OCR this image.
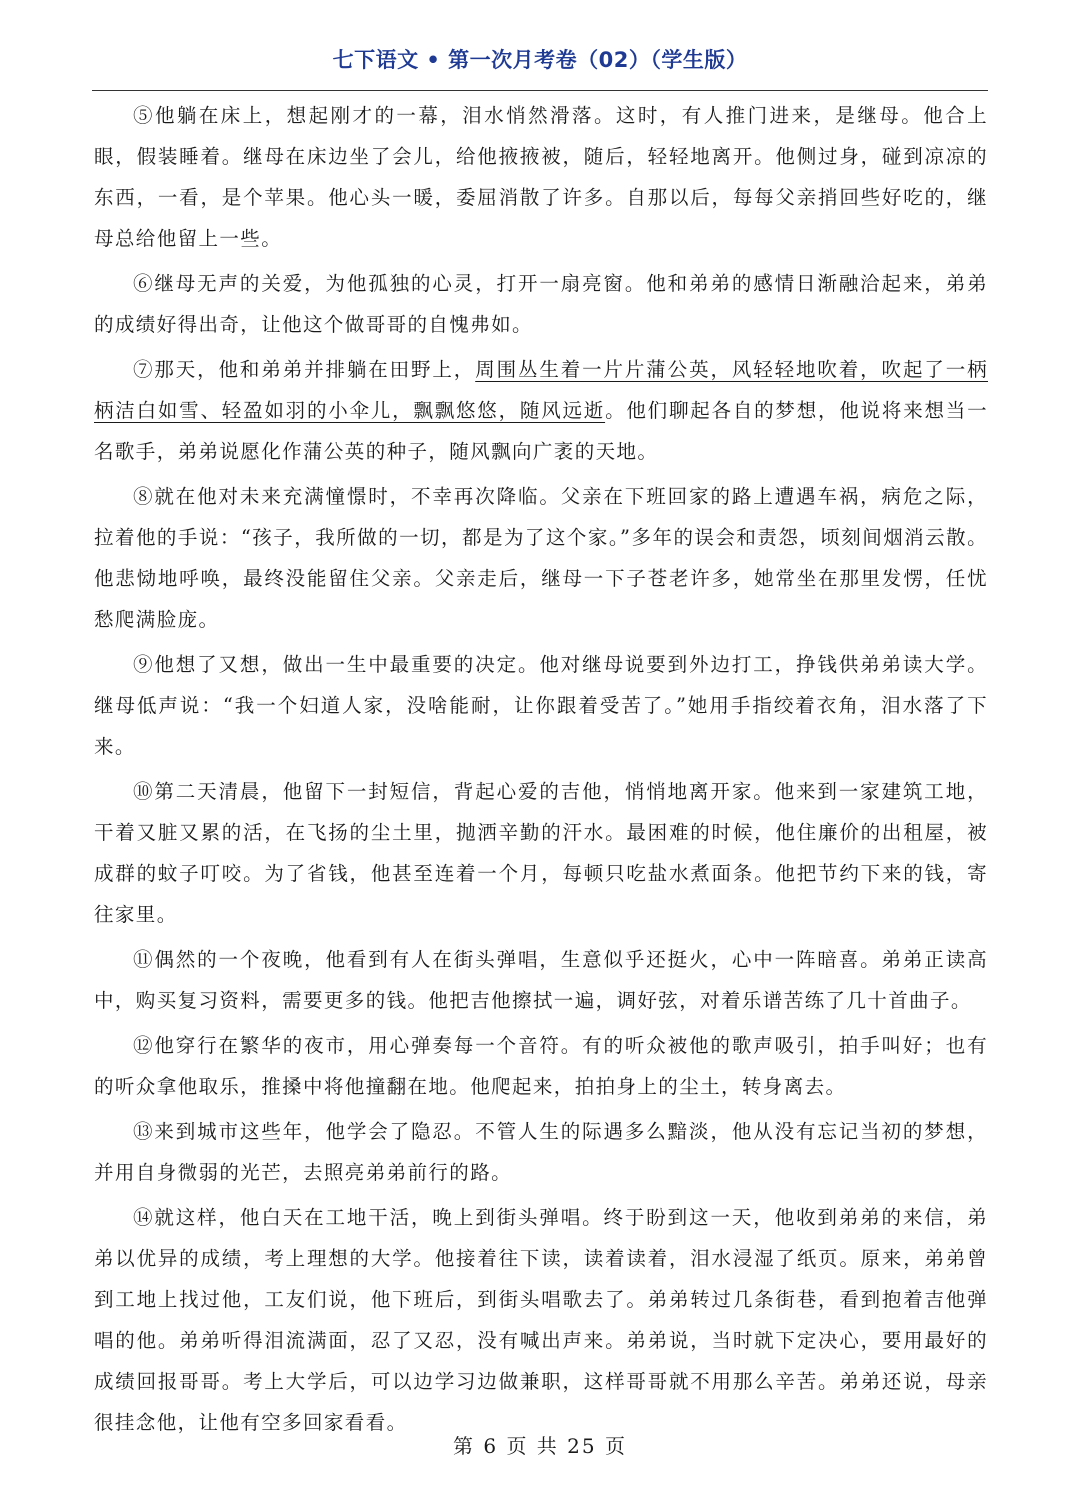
七下语文 • 第一次月考卷（02）（学生版）

⑤他躺在床上，想起刚才的一幕，泪水悄然滑落。这时，有人推门进来，是继母。他合上眼，假装睡着。继母在床边坐了会儿，给他掖掖被，随后，轻轻地离开。他侧过身，碰到凉凉的东西，一看，是个苹果。他心头一暖，委屈消散了许多。自那以后，每每父亲捎回些好吃的，继母总给他留上一些。

⑥继母无声的关爱，为他孤独的心灵，打开一扇亮窗。他和弟弟的感情日渐融洽起来，弟弟的成绩好得出奇，让他这个做哥哥的自愧弗如。

⑦那天，他和弟弟并排躺在田野上，周围丛生着一片片蒲公英，风轻轻地吹着，吹起了一柄柄洁白如雪、轻盈如羽的小伞儿，飘飘悠悠，随风远逝。他们聊起各自的梦想，他说将来想当一名歌手，弟弟说愿化作蒲公英的种子，随风飘向广袤的天地。

⑧就在他对未来充满憧憬时，不幸再次降临。父亲在下班回家的路上遭遇车祸，病危之际，拉着他的手说：“孩子，我所做的一切，都是为了这个家。”多年的误会和责怨，顷刻间烟消云散。他悲恸地呼唤，最终没能留住父亲。父亲走后，继母一下子苍老许多，她常坐在那里发愣，任忧愁爬满脸庞。

⑨他想了又想，做出一生中最重要的决定。他对继母说要到外边打工，挣钱供弟弟读大学。继母低声说：“我一个妇道人家，没啥能耐，让你跟着受苦了。”她用手指绞着衣角，泪水落了下来。

⑩第二天清晨，他留下一封短信，背起心爱的吉他，悄悄地离开家。他来到一家建筑工地，干着又脏又累的活，在飞扬的尘土里，抛洒辛勤的汗水。最困难的时候，他住廉价的出租屋，被成群的蚊子叮咬。为了省钱，他甚至连着一个月，每顿只吃盐水煮面条。他把节约下来的钱，寄往家里。

⑪偶然的一个夜晚，他看到有人在街头弹唱，生意似乎还挺火，心中一阵暗喜。弟弟正读高中，购买复习资料，需要更多的钱。他把吉他擦拭一遍，调好弦，对着乐谱苦练了几十首曲子。

⑫他穿行在繁华的夜市，用心弹奏每一个音符。有的听众被他的歌声吸引，拍手叫好；也有的听众拿他取乐，推搡中将他撞翻在地。他爬起来，拍拍身上的尘土，转身离去。

⑬来到城市这些年，他学会了隐忍。不管人生的际遇多么黯淡，他从没有忘记当初的梦想，并用自身微弱的光芒，去照亮弟弟前行的路。

⑭就这样，他白天在工地干活，晚上到街头弹唱。终于盼到这一天，他收到弟弟的来信，弟弟以优异的成绩，考上理想的大学。他接着往下读，读着读着，泪水浸湿了纸页。原来，弟弟曾到工地上找过他，工友们说，他下班后，到街头唱歌去了。弟弟转过几条街巷，看到抱着吉他弹唱的他。弟弟听得泪流满面，忍了又忍，没有喊出声来。弟弟说，当时就下定决心，要用最好的成绩回报哥哥。考上大学后，可以边学习边做兼职，这样哥哥就不用那么辛苦。弟弟还说，母亲很挂念他，让他有空多回家看看。

第 6 页 共 25 页
